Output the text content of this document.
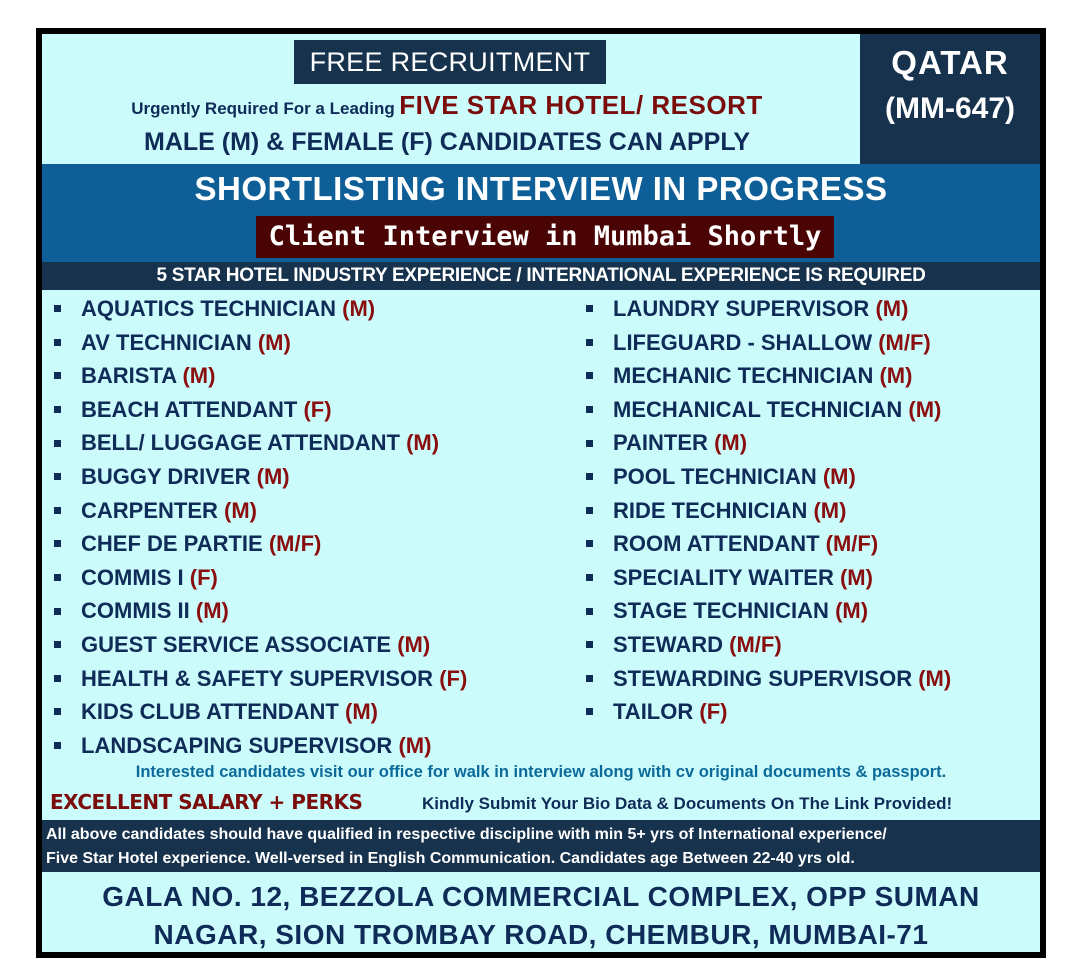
FREE RECRUITMENT
Urgently Required For a Leading FIVE STAR HOTEL/ RESORT
MALE (M) & FEMALE (F) CANDIDATES CAN APPLY
QATAR
(MM-647)
SHORTLISTING INTERVIEW IN PROGRESS
Client Interview in Mumbai Shortly
5 STAR HOTEL INDUSTRY EXPERIENCE / INTERNATIONAL EXPERIENCE IS REQUIRED
AQUATICS TECHNICIAN (M)
AV TECHNICIAN (M)
BARISTA (M)
BEACH ATTENDANT (F)
BELL/ LUGGAGE ATTENDANT (M)
BUGGY DRIVER (M)
CARPENTER (M)
CHEF DE PARTIE (M/F)
COMMIS I (F)
COMMIS II (M)
GUEST SERVICE ASSOCIATE (M)
HEALTH & SAFETY SUPERVISOR (F)
KIDS CLUB ATTENDANT (M)
LANDSCAPING SUPERVISOR (M)
LAUNDRY SUPERVISOR (M)
LIFEGUARD - SHALLOW (M/F)
MECHANIC TECHNICIAN (M)
MECHANICAL TECHNICIAN (M)
PAINTER (M)
POOL TECHNICIAN (M)
RIDE TECHNICIAN (M)
ROOM ATTENDANT (M/F)
SPECIALITY WAITER (M)
STAGE TECHNICIAN (M)
STEWARD (M/F)
STEWARDING SUPERVISOR (M)
TAILOR (F)
Interested candidates visit our office for walk in interview along with cv original documents & passport.
EXCELLENT SALARY + PERKS	Kindly Submit Your Bio Data & Documents On The Link Provided!
All above candidates should have qualified in respective discipline with min 5+ yrs of International experience/
Five Star Hotel experience. Well-versed in English Communication. Candidates age Between 22-40 yrs old.
GALA NO. 12, BEZZOLA COMMERCIAL COMPLEX, OPP SUMAN
NAGAR, SION TROMBAY ROAD, CHEMBUR, MUMBAI-71
